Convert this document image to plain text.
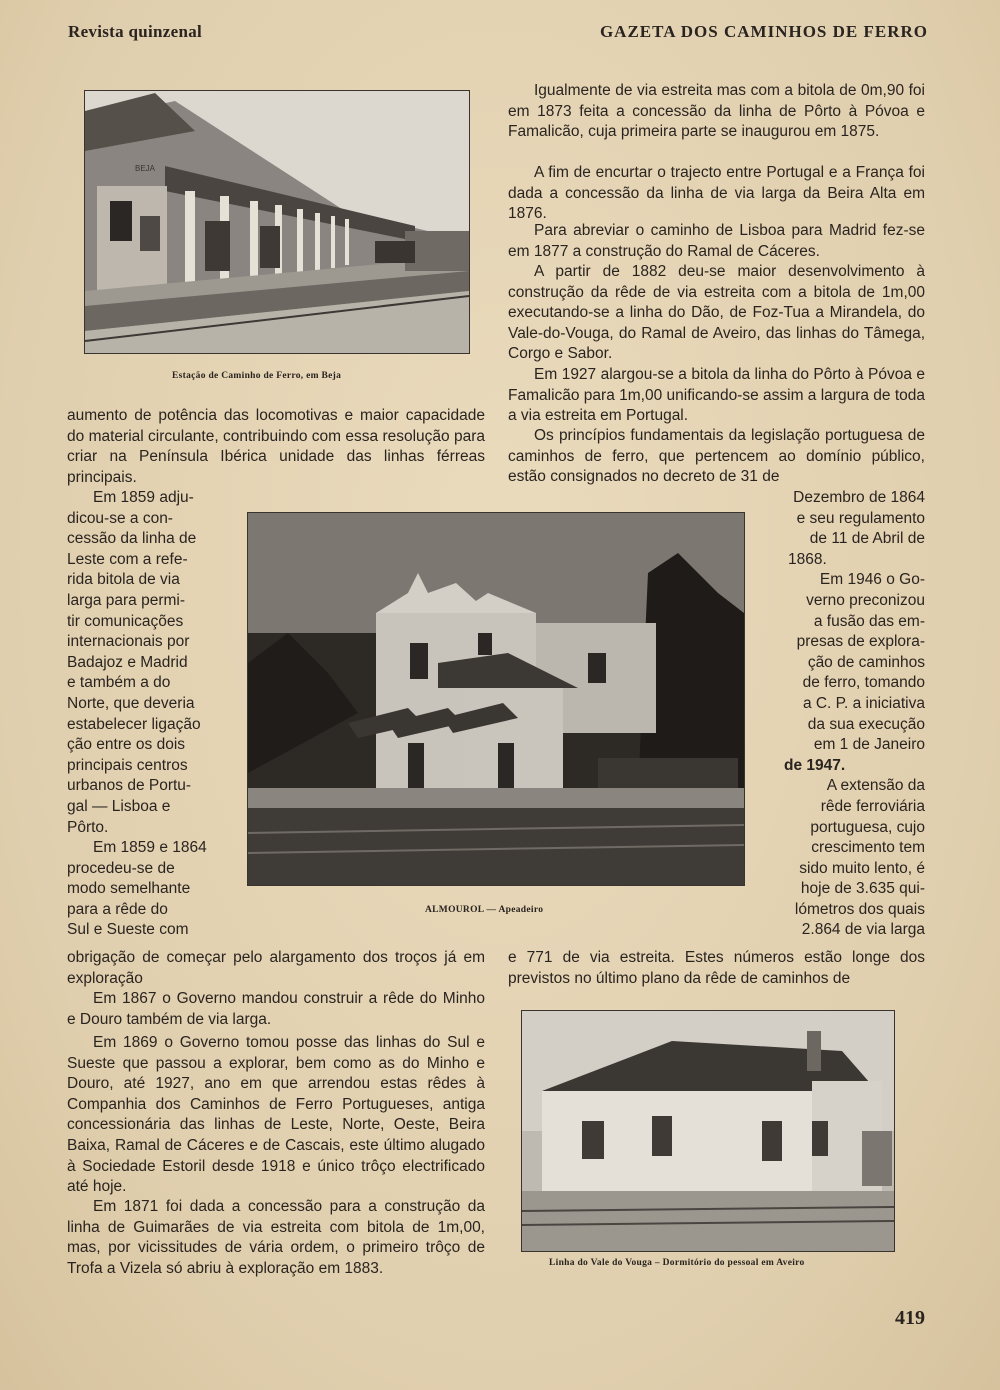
Revista quinzenal	GAZETA DOS CAMINHOS DE FERRO
BEJA
Estação de Caminho de Ferro, em Beja
Igualmente de via estreita mas com a bitola de 0m,90 foi em 1873 feita a concessão da linha de Pôrto à Póvoa e Famalicão, cuja primeira parte se inaugurou em 1875.
A fim de encurtar o trajecto entre Portugal e a França foi dada a concessão da linha de via larga da Beira Alta em 1876.
Para abreviar o caminho de Lisboa para Madrid fez-se em 1877 a construção do Ramal de Cáceres.
A partir de 1882 deu-se maior desenvolvimento à construção da rêde de via estreita com a bitola de 1m,00 executando-se a linha do Dão, de Foz-Tua a Mirandela, do Vale-do-Vouga, do Ramal de Aveiro, das linhas do Tâmega, Corgo e Sabor.
Em 1927 alargou-se a bitola da linha do Pôrto à Póvoa e Famalicão para 1m,00 unificando-se assim a largura de toda a via estreita em Portugal.
Os princípios fundamentais da legislação portuguesa de caminhos de ferro, que pertencem ao domínio público, estão consignados no decreto de 31 de
aumento de potência das locomotivas e maior capacidade do material circulante, contribuindo com essa resolução para criar na Península Ibérica unidade das linhas férreas principais.
Em 1859 adju-
dicou-se a con-
cessão da linha de
Leste com a refe-
rida bitola de via
larga para permi-
tir comunicações
internacionais por
Badajoz e Madrid
e também a do
Norte, que deveria
estabelecer ligação
ção entre os dois
principais centros
urbanos de Portu-
gal — Lisboa e
Pôrto.
Em 1859 e 1864
procedeu-se de
modo semelhante
para a rêde do
Sul e Sueste com
ALMOUROL — Apeadeiro
Dezembro de 1864
e seu regulamento
de 11 de Abril de
1868.
Em 1946 o Go-
verno preconizou
a fusão das em-
presas de explora-
ção de caminhos
de ferro, tomando
a C. P. a iniciativa
da sua execução
em 1 de Janeiro
de 1947.
A extensão da
rêde ferroviária
portuguesa, cujo
crescimento tem
sido muito lento, é
hoje de 3.635 qui-
lómetros dos quais
2.864 de via larga
obrigação de começar pelo alargamento dos troços já em exploração
Em 1867 o Governo mandou construir a rêde do Minho e Douro também de via larga.
Em 1869 o Governo tomou posse das linhas do Sul e Sueste que passou a explorar, bem como as do Minho e Douro, até 1927, ano em que arrendou estas rêdes à Companhia dos Caminhos de Ferro Portugueses, antiga concessionária das linhas de Leste, Norte, Oeste, Beira Baixa, Ramal de Cáceres e de Cascais, este último alugado à Sociedade Estoril desde 1918 e único trôço electrificado até hoje.
Em 1871 foi dada a concessão para a construção da linha de Guimarães de via estreita com bitola de 1m,00, mas, por vicissitudes de vária ordem, o primeiro trôço de Trofa a Vizela só abriu à exploração em 1883.
e 771 de via estreita. Estes números estão longe dos previstos no último plano da rêde de caminhos de
Linha do Vale do Vouga – Dormitório do pessoal em Aveiro
419
